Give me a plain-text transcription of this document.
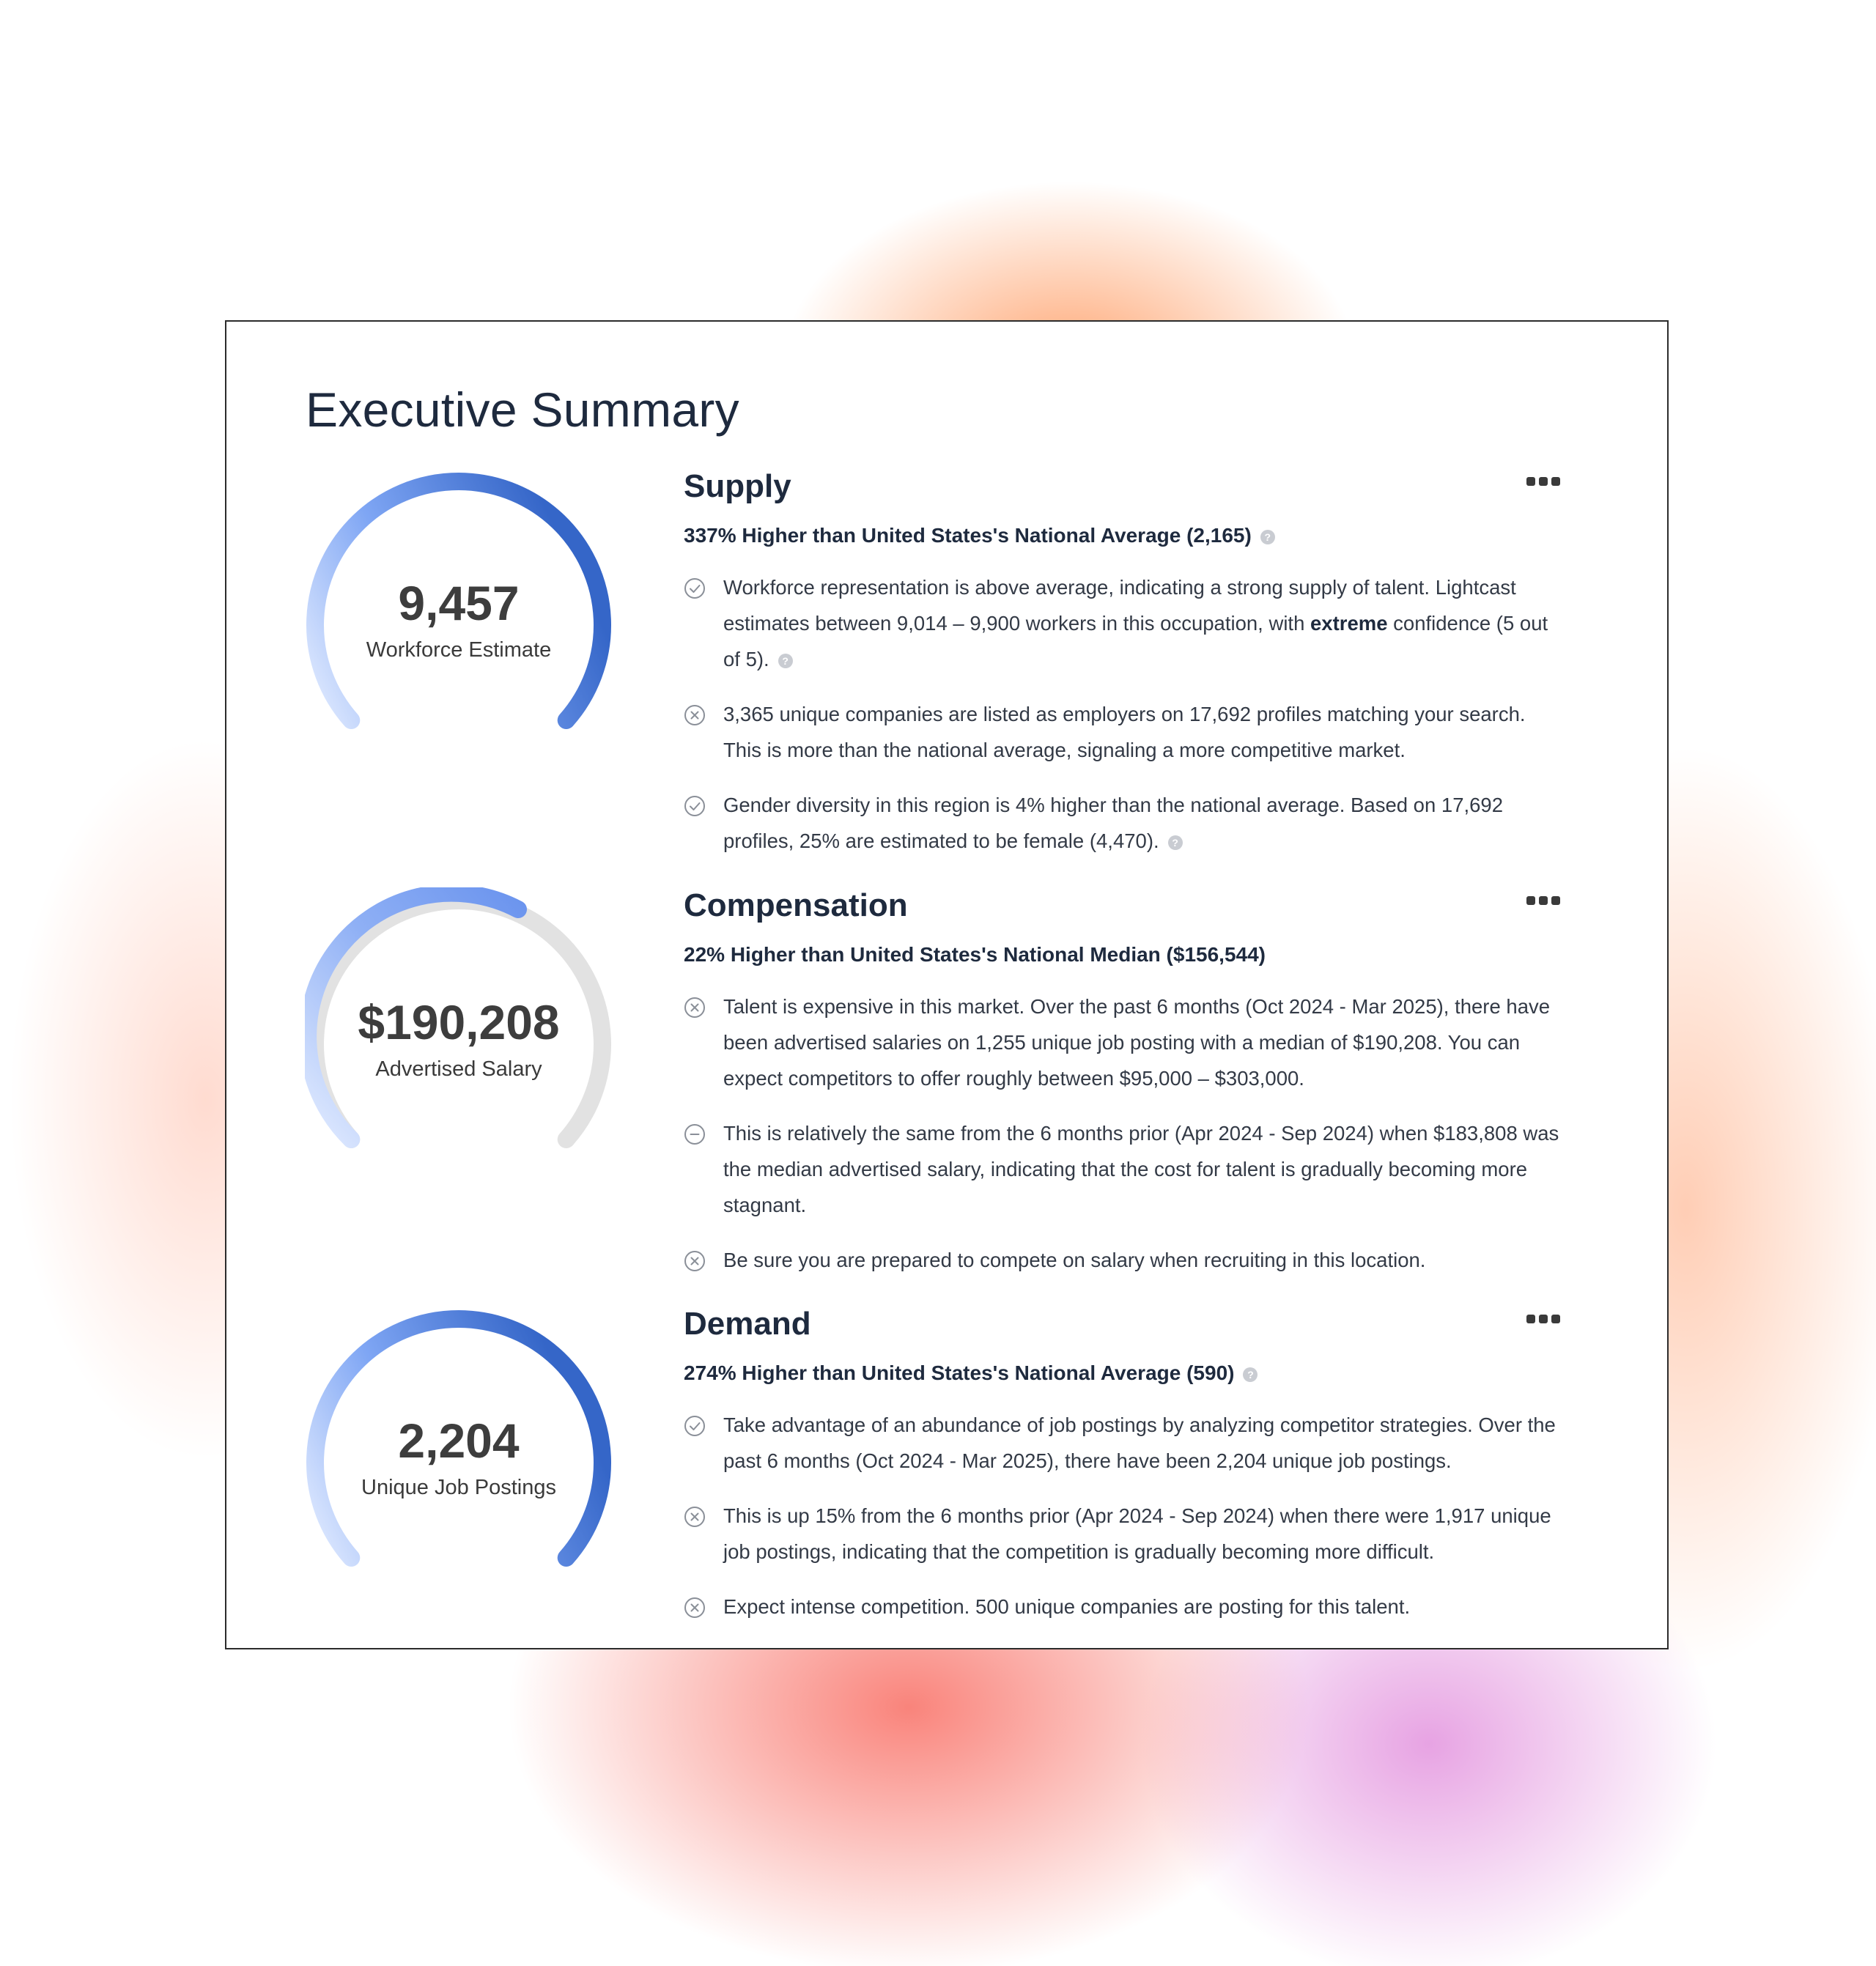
Executive Summary
9,457
Workforce Estimate
Supply
337% Higher than United States's National Average (2,165) ?
Workforce representation is above average, indicating a strong supply of talent. Lightcast estimates between 9,014 – 9,900 workers in this occupation, with extreme confidence (5 out of 5). ?
3,365 unique companies are listed as employers on 17,692 profiles matching your search. This is more than the national average, signaling a more competitive market.
Gender diversity in this region is 4% higher than the national average. Based on 17,692 profiles, 25% are estimated to be female (4,470). ?
$190,208
Advertised Salary
Compensation
22% Higher than United States's National Median ($156,544)
Talent is expensive in this market. Over the past 6 months (Oct 2024 - Mar 2025), there have been advertised salaries on 1,255 unique job posting with a median of $190,208. You can expect competitors to offer roughly between $95,000 – $303,000.
This is relatively the same from the 6 months prior (Apr 2024 - Sep 2024) when $183,808 was the median advertised salary, indicating that the cost for talent is gradually becoming more stagnant.
Be sure you are prepared to compete on salary when recruiting in this location.
2,204
Unique Job Postings
Demand
274% Higher than United States's National Average (590) ?
Take advantage of an abundance of job postings by analyzing competitor strategies. Over the past 6 months (Oct 2024 - Mar 2025), there have been 2,204 unique job postings.
This is up 15% from the 6 months prior (Apr 2024 - Sep 2024) when there were 1,917 unique job postings, indicating that the competition is gradually becoming more difficult.
Expect intense competition. 500 unique companies are posting for this talent.
